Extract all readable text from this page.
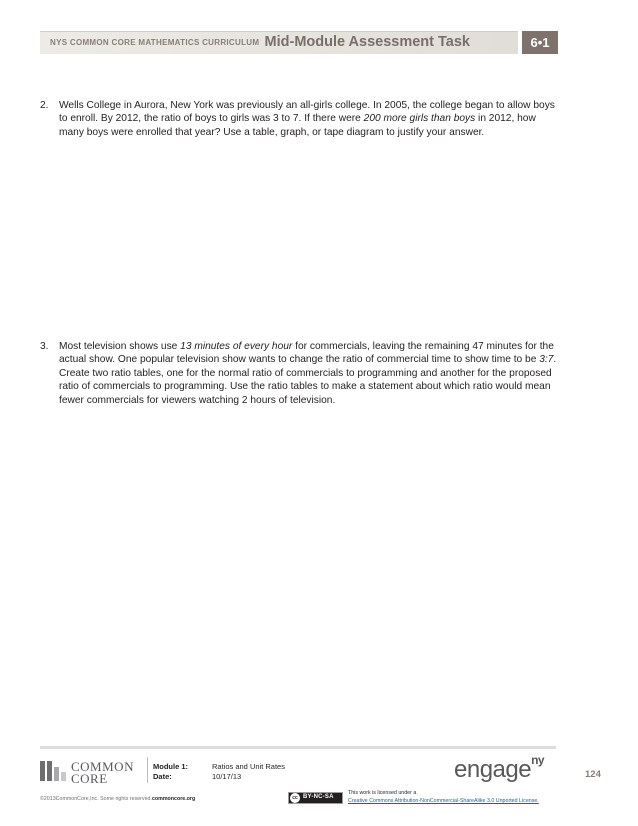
NYS COMMON CORE MATHEMATICS CURRICULUM Mid-Module Assessment Task	6•1
2.	Wells College in Aurora, New York was previously an all-girls college. In 2005, the college began to allow boys to enroll. By 2012, the ratio of boys to girls was 3 to 7. If there were 200 more girls than boys in 2012, how many boys were enrolled that year? Use a table, graph, or tape diagram to justify your answer.
3.	Most television shows use 13 minutes of every hour for commercials, leaving the remaining 47 minutes for the actual show. One popular television show wants to change the ratio of commercial time to show time to be 3:7. Create two ratio tables, one for the normal ratio of commercials to programming and another for the proposed ratio of commercials to programming. Use the ratio tables to make a statement about which ratio would mean fewer commercials for viewers watching 2 hours of television.
COMMON
CORE
Module 1:	Ratios and Unit Rates
Date:	10/17/13	engage$^{ny}$
124
©2013CommonCore,Inc. Some rights reserved.commoncore.org	cc BY-NC-SA
This work is licensed under a
Creative Commons Attribution-NonCommercial-ShareAlike 3.0 Unported License.
